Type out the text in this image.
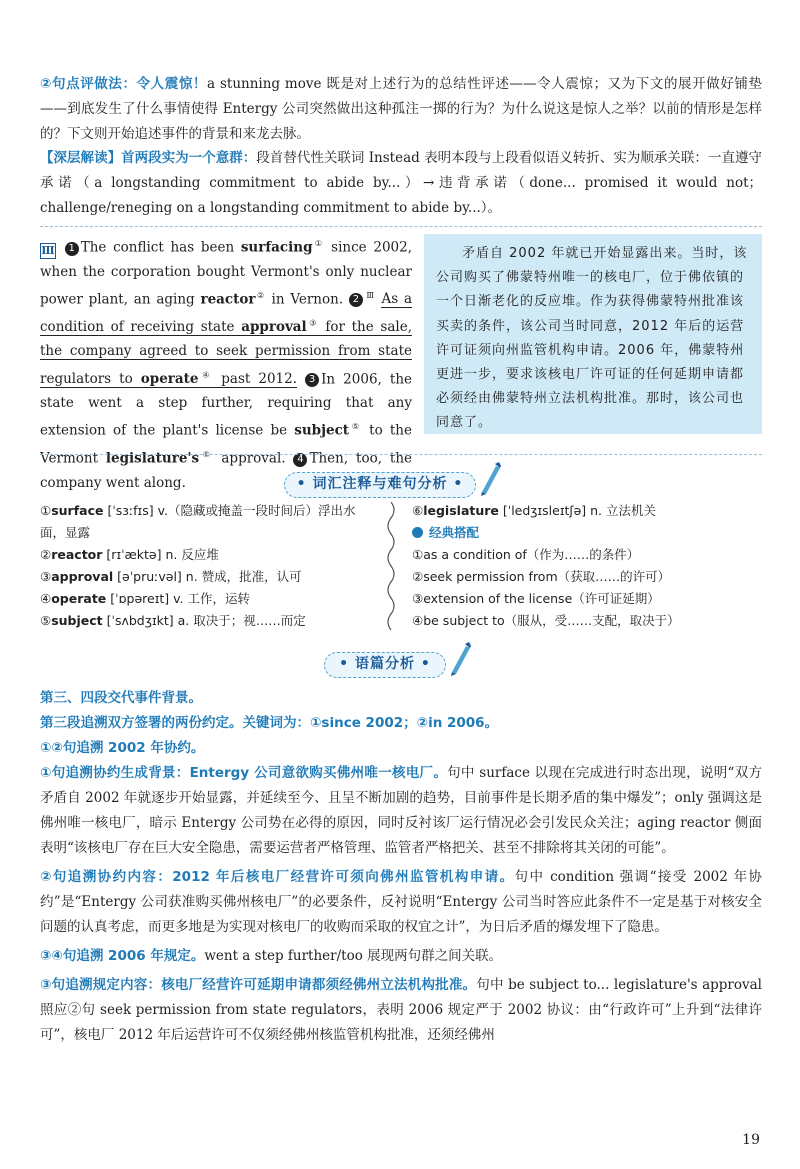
②句点评做法：令人震惊！a stunning move 既是对上述行为的总结性评述——令人震惊；又为下文的展开做好铺垫——到底发生了什么事情使得 Entergy 公司突然做出这种孤注一掷的行为？为什么说这是惊人之举？以前的情形是怎样的？下文则开始追述事件的背景和来龙去脉。
【深层解读】首两段实为一个意群：段首替代性关联词 Instead 表明本段与上段看似语义转折、实为顺承关联：一直遵守承诺（a longstanding commitment to abide by...）→违背承诺（done... promised it would not；challenge/reneging on a longstanding commitment to abide by...）。
Ⅲ 1 The conflict has been surfacing① since 2002, when the corporation bought Vermont's only nuclear power plant, an aging reactor② in Vernon. 2 $^Ⅲ$ As a condition of receiving state approval③ for the sale, the company agreed to seek permission from state regulators to operate④ past 2012. 3 In 2006, the state went a step further, requiring that any extension of the plant's license be subject⑤ to the Vermont legislature's⑥ approval. 4 Then, too, the company went along.
矛盾自 2002 年就已开始显露出来。当时，该公司购买了佛蒙特州唯一的核电厂，位于佛依镇的一个日渐老化的反应堆。作为获得佛蒙特州批准该买卖的条件，该公司当时同意，2012 年后的运营许可证须向州监管机构申请。2006 年，佛蒙特州更进一步，要求该核电厂许可证的任何延期申请都必须经由佛蒙特州立法机构批准。那时，该公司也同意了。
• 词汇注释与难句分析 •
①surface [ˈsɜːfɪs] v.（隐藏或掩盖一段时间后）浮出水面，显露
②reactor [rɪˈæktə] n. 反应堆
③approval [əˈpruːvəl] n. 赞成，批准，认可
④operate [ˈɒpəreɪt] v. 工作，运转
⑤subject [ˈsʌbdʒɪkt] a. 取决于；视……而定
⑥legislature [ˈledʒɪsleɪtʃə] n. 立法机关
经典搭配
①as a condition of（作为……的条件）
②seek permission from（获取……的许可）
③extension of the license（许可证延期）
④be subject to（服从，受……支配，取决于）
• 语篇分析 •
第三、四段交代事件背景。
第三段追溯双方签署的两份约定。关键词为：①since 2002；②in 2006。
①②句追溯 2002 年协约。
①句追溯协约生成背景：Entergy 公司意欲购买佛州唯一核电厂。句中 surface 以现在完成进行时态出现，说明“双方矛盾自 2002 年就逐步开始显露，并延续至今、且呈不断加剧的趋势，目前事件是长期矛盾的集中爆发”；only 强调这是佛州唯一核电厂，暗示 Entergy 公司势在必得的原因，同时反衬该厂运行情况必会引发民众关注；aging reactor 侧面表明“该核电厂存在巨大安全隐患，需要运营者严格管理、监管者严格把关、甚至不排除将其关闭的可能”。
②句追溯协约内容：2012 年后核电厂经营许可须向佛州监管机构申请。句中 condition 强调“接受 2002 年协约”是“Entergy 公司获准购买佛州核电厂”的必要条件，反衬说明“Entergy 公司当时答应此条件不一定是基于对核安全问题的认真考虑，而更多地是为实现对核电厂的收购而采取的权宜之计”，为日后矛盾的爆发埋下了隐患。
③④句追溯 2006 年规定。went a step further/too 展现两句群之间关联。
③句追溯规定内容：核电厂经营许可延期申请都须经佛州立法机构批准。句中 be subject to... legislature's approval 照应②句 seek permission from state regulators，表明 2006 规定严于 2002 协议：由“行政许可”上升到“法律许可”，核电厂 2012 年后运营许可不仅须经佛州核监管机构批准，还须经佛州
19
